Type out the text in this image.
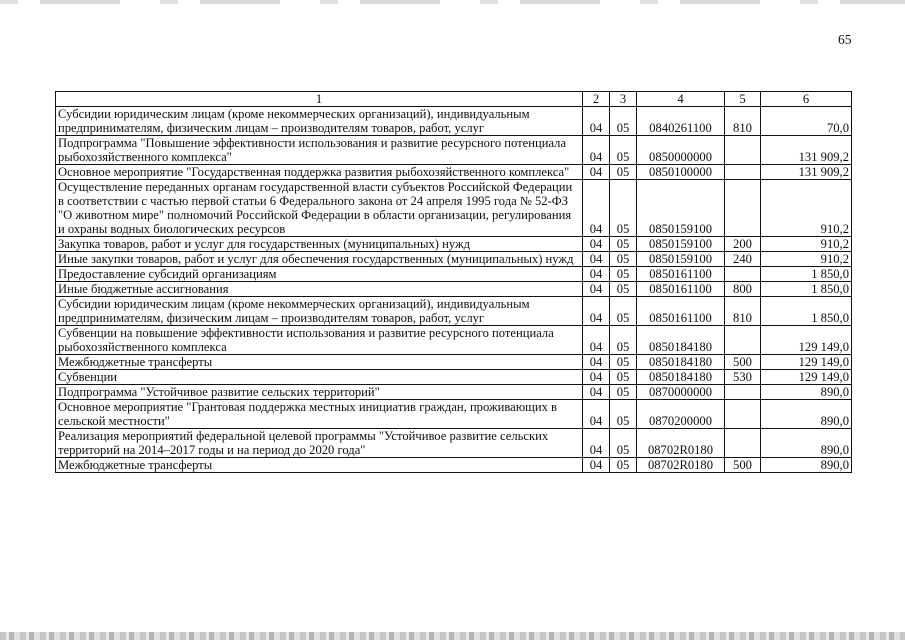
65
1	2	3	4	5	6
Субсидии юридическим лицам (кроме некоммерческих организаций), индивидуальным предпринимателям, физическим лицам – производителям товаров, работ, услуг	04	05	0840261100	810	70,0
Подпрограмма "Повышение эффективности использования и развитие ресурсного потенциала рыбохозяйственного комплекса"	04	05	0850000000		131 909,2
Основное мероприятие "Государственная поддержка развития рыбохозяйственного комплекса"	04	05	0850100000		131 909,2
Осуществление переданных органам государственной власти субъектов Российской Федерации в соответствии с частью первой статьи 6 Федерального закона от 24 апреля 1995 года № 52-ФЗ "О животном мире" полномочий Российской Федерации в области организации, регулирования и охраны водных биологических ресурсов	04	05	0850159100		910,2
Закупка товаров, работ и услуг для государственных (муниципальных) нужд	04	05	0850159100	200	910,2
Иные закупки товаров, работ и услуг для обеспечения государственных (муниципальных) нужд	04	05	0850159100	240	910,2
Предоставление субсидий организациям	04	05	0850161100		1 850,0
Иные бюджетные ассигнования	04	05	0850161100	800	1 850,0
Субсидии юридическим лицам (кроме некоммерческих организаций), индивидуальным предпринимателям, физическим лицам – производителям товаров, работ, услуг	04	05	0850161100	810	1 850,0
Субвенции на повышение эффективности использования и развитие ресурсного потенциала рыбохозяйственного комплекса	04	05	0850184180		129 149,0
Межбюджетные трансферты	04	05	0850184180	500	129 149,0
Субвенции	04	05	0850184180	530	129 149,0
Подпрограмма "Устойчивое развитие сельских территорий"	04	05	0870000000		890,0
Основное мероприятие "Грантовая поддержка местных инициатив граждан, проживающих в сельской местности"	04	05	0870200000		890,0
Реализация мероприятий федеральной целевой программы "Устойчивое развитие сельских территорий на 2014–2017 годы и на период до 2020 года"	04	05	08702R0180		890,0
Межбюджетные трансферты	04	05	08702R0180	500	890,0
